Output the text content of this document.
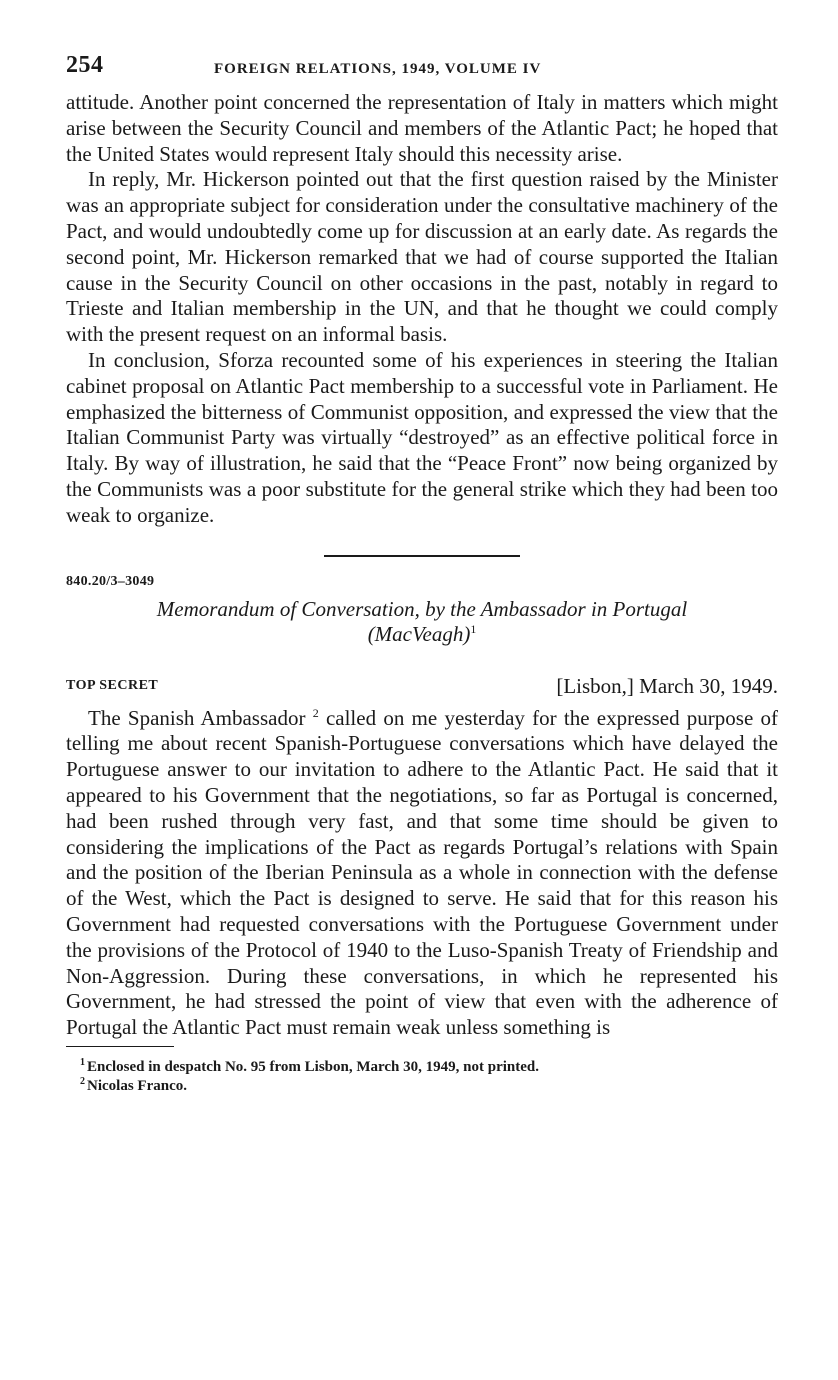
254	FOREIGN RELATIONS, 1949, VOLUME IV

attitude. Another point concerned the representation of Italy in matters which might arise between the Security Council and members of the Atlantic Pact; he hoped that the United States would represent Italy should this necessity arise.

In reply, Mr. Hickerson pointed out that the first question raised by the Minister was an appropriate subject for consideration under the consultative machinery of the Pact, and would undoubtedly come up for discussion at an early date. As regards the second point, Mr. Hickerson remarked that we had of course supported the Italian cause in the Security Council on other occasions in the past, notably in regard to Trieste and Italian membership in the UN, and that he thought we could comply with the present request on an informal basis.

In conclusion, Sforza recounted some of his experiences in steering the Italian cabinet proposal on Atlantic Pact membership to a successful vote in Parliament. He emphasized the bitterness of Communist opposition, and expressed the view that the Italian Communist Party was virtually “destroyed” as an effective political force in Italy. By way of illustration, he said that the “Peace Front” now being organized by the Communists was a poor substitute for the general strike which they had been too weak to organize.

840.20/3–3049
Memorandum of Conversation, by the Ambassador in Portugal
(MacVeagh)$^1$
TOP SECRET	[Lisbon,] March 30, 1949.

The Spanish Ambassador $^2$ called on me yesterday for the expressed purpose of telling me about recent Spanish-Portuguese conversations which have delayed the Portuguese answer to our invitation to adhere to the Atlantic Pact. He said that it appeared to his Government that the negotiations, so far as Portugal is concerned, had been rushed through very fast, and that some time should be given to considering the implications of the Pact as regards Portugal’s relations with Spain and the position of the Iberian Peninsula as a whole in connection with the defense of the West, which the Pact is designed to serve. He said that for this reason his Government had requested conversations with the Portuguese Government under the provisions of the Protocol of 1940 to the Luso-Spanish Treaty of Friendship and Non-Aggression. During these conversations, in which he represented his Government, he had stressed the point of view that even with the adherence of Portugal the Atlantic Pact must remain weak unless something is

$^1$ Enclosed in despatch No. 95 from Lisbon, March 30, 1949, not printed.
$^2$ Nicolas Franco.
